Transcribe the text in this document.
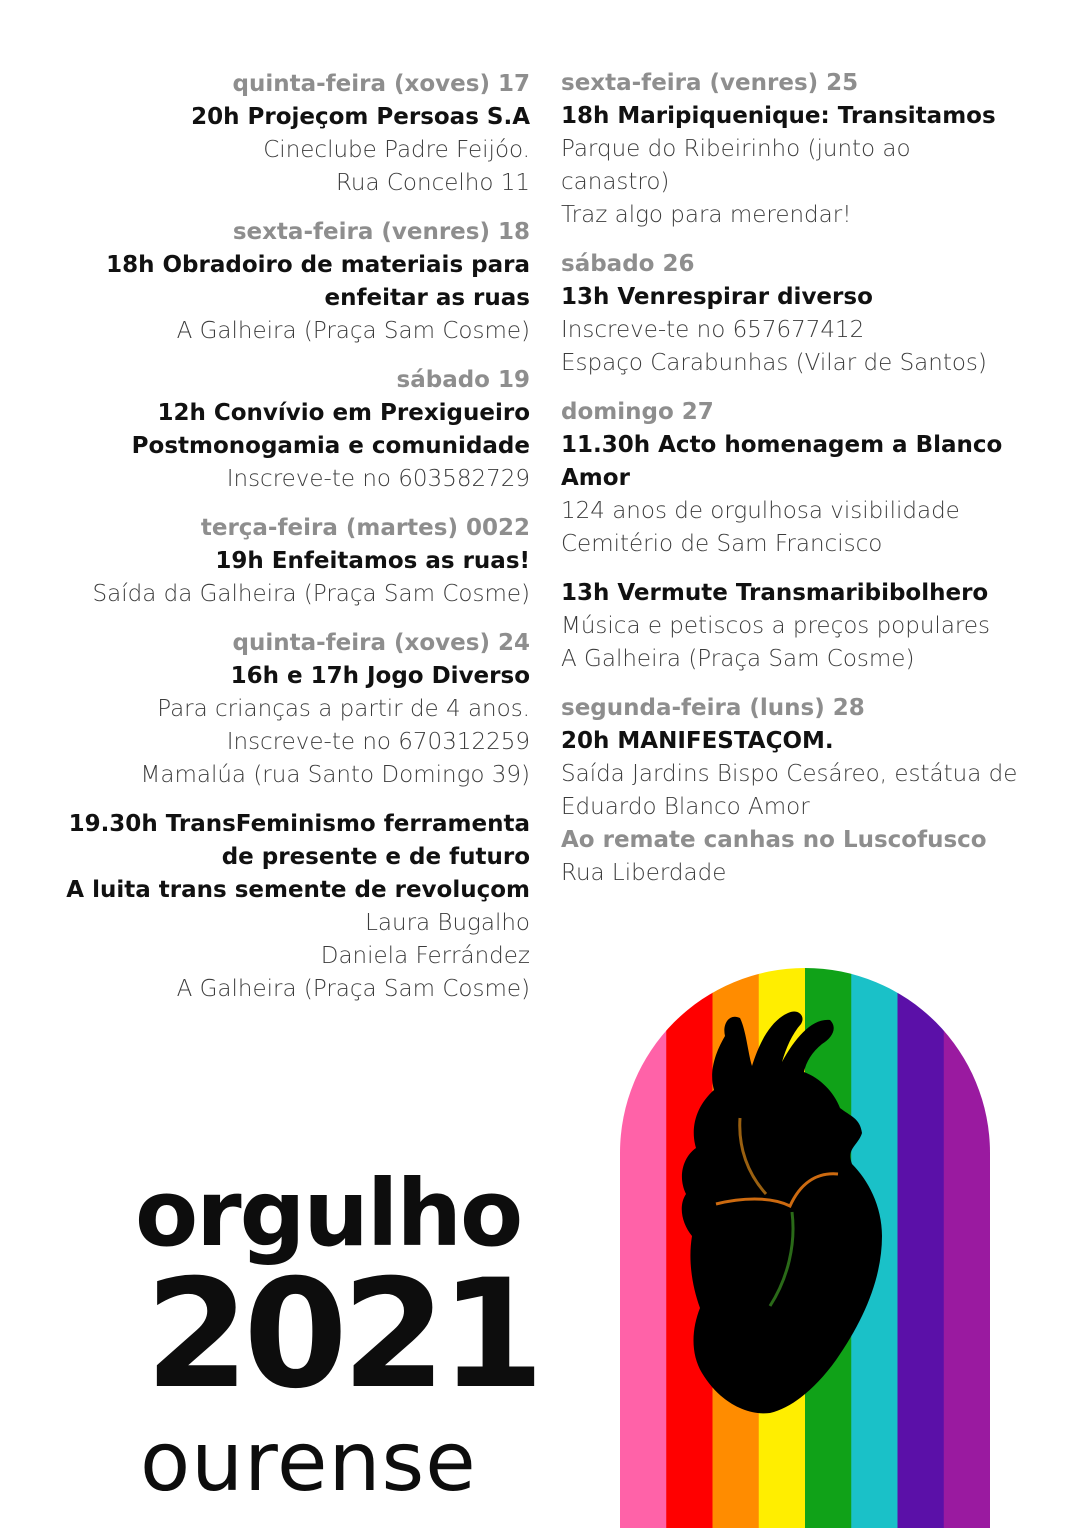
quinta-feira (xoves) 17
20h Projeçom Persoas S.A
Cineclube Padre Feijóo.
Rua Concelho 11
sexta-feira (venres) 18
18h Obradoiro de materiais para
enfeitar as ruas
A Galheira (Praça Sam Cosme)
sábado 19
12h Convívio em Prexigueiro
Postmonogamia e comunidade
Inscreve-te no 603582729
terça-feira (martes) 0022
19h Enfeitamos as ruas!
Saída da Galheira (Praça Sam Cosme)
quinta-feira (xoves) 24
16h e 17h Jogo Diverso
Para crianças a partir de 4 anos.
Inscreve-te no 670312259
Mamalúa (rua Santo Domingo 39)
19.30h TransFeminismo ferramenta
de presente e de futuro
A luita trans semente de revoluçom
Laura Bugalho
Daniela Ferrández
A Galheira (Praça Sam Cosme)
sexta-feira (venres) 25
18h Maripiquenique: Transitamos
Parque do Ribeirinho (junto ao
canastro)
Traz algo para merendar!
sábado 26
13h Venrespirar diverso
Inscreve-te no 657677412
Espaço Carabunhas (Vilar de Santos)
domingo 27
11.30h Acto homenagem a Blanco
Amor
124 anos de orgulhosa visibilidade
Cemitério de Sam Francisco
13h Vermute Transmaribibolhero
Música e petiscos a preços populares
A Galheira (Praça Sam Cosme)
segunda-feira (luns) 28
20h MANIFESTAÇOM.
Saída Jardins Bispo Cesáreo, estátua de
Eduardo Blanco Amor
Ao remate canhas no Luscofusco
Rua Liberdade
orgulho
2021
ourense
